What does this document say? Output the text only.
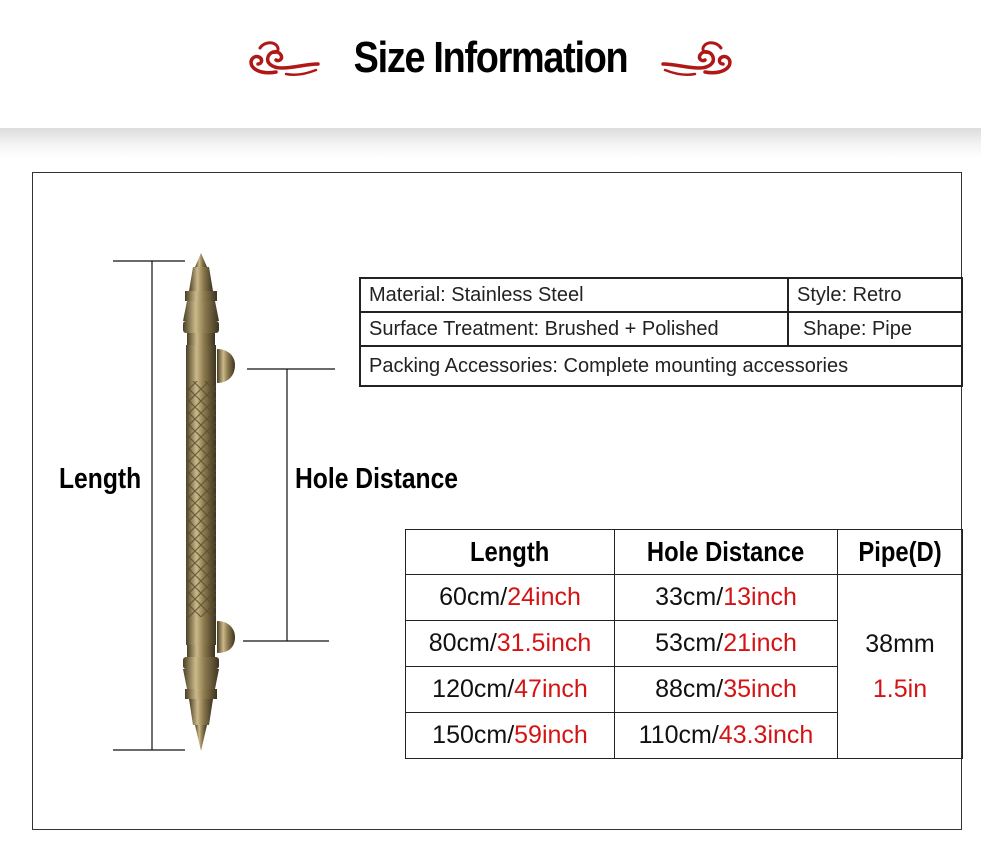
Size Information
Length	Hole Distance
Material: Stainless Steel	Style: Retro
Surface Treatment: Brushed + Polished	Shape: Pipe
Packing Accessories: Complete mounting accessories	
Length	Hole Distance	Pipe(D)
60cm/24inch	33cm/13inch	38mm
1.5in

80cm/31.5inch	53cm/21inch	
120cm/47inch	88cm/35inch	
150cm/59inch	110cm/43.3inch	
